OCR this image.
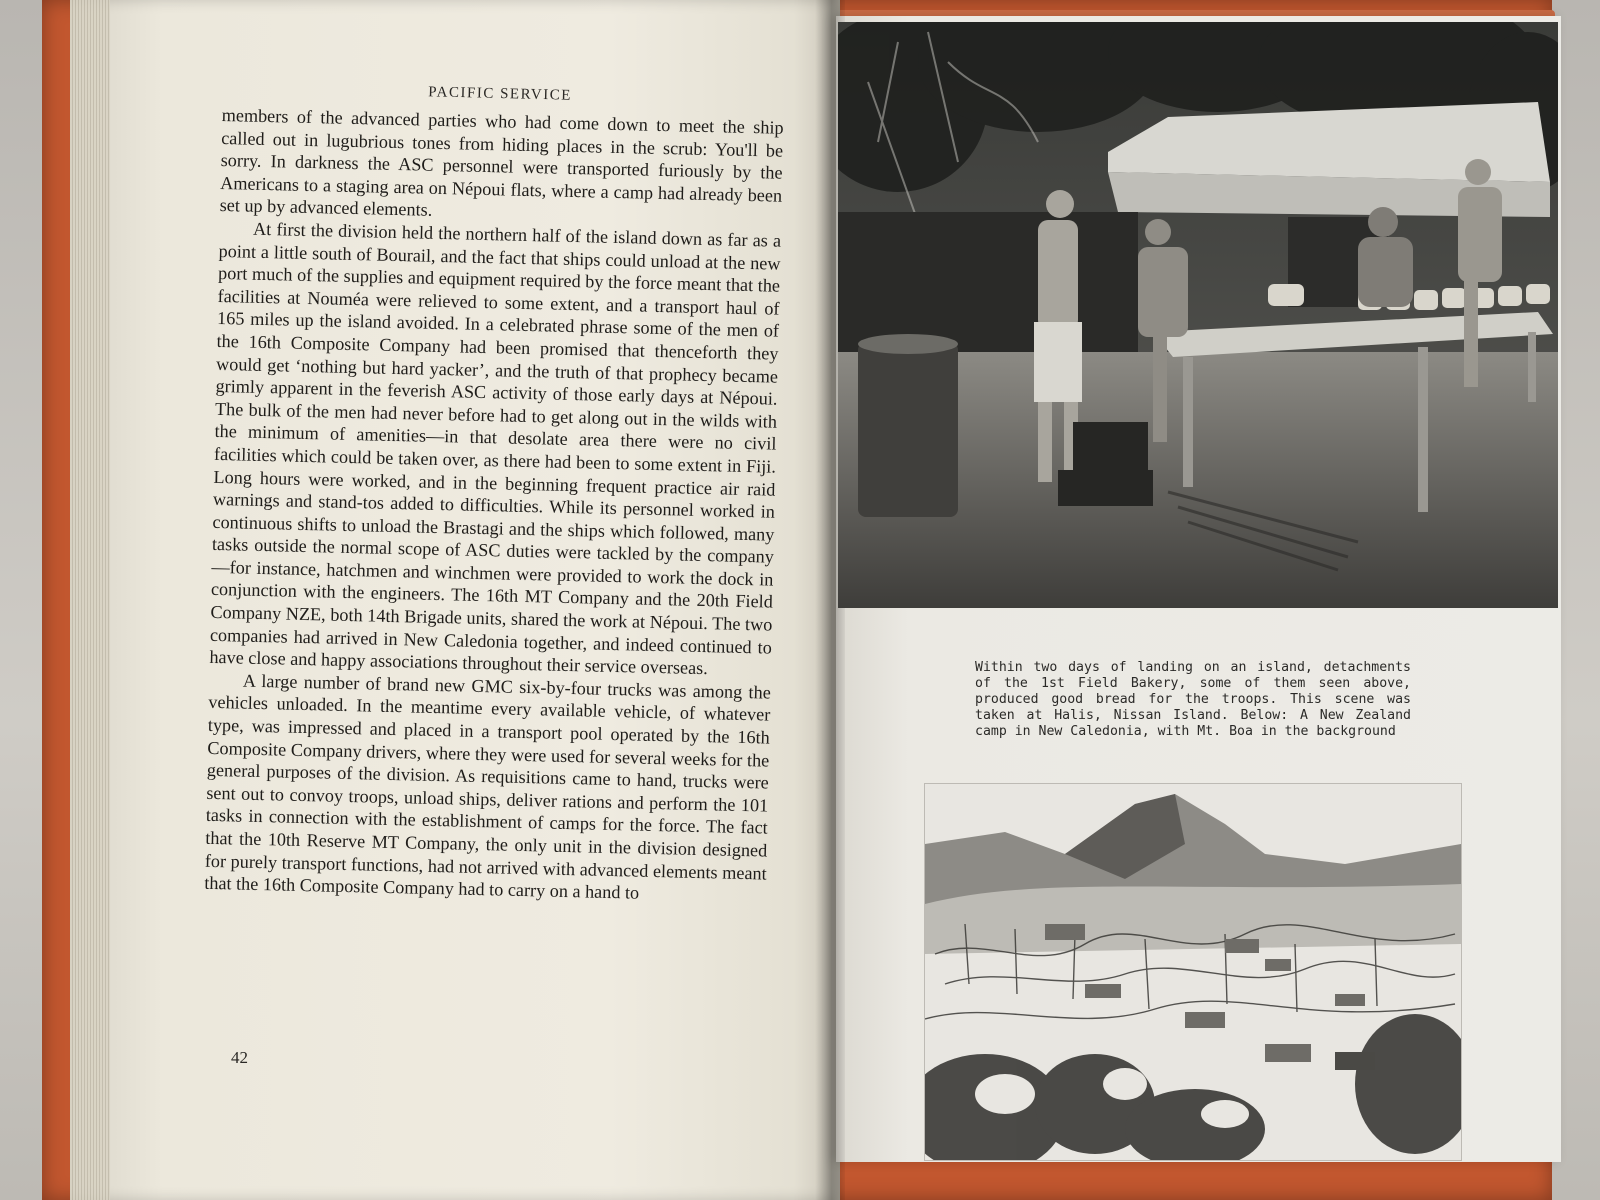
PACIFIC SERVICE

members of the advanced parties who had come down to meet the ship called out in lugubrious tones from hiding places in the scrub: You'll be sorry. In darkness the ASC personnel were transported furiously by the Americans to a staging area on Népoui flats, where a camp had already been set up by advanced elements.

At first the division held the northern half of the island down as far as a point a little south of Bourail, and the fact that ships could unload at the new port much of the supplies and equipment required by the force meant that the facilities at Nouméa were relieved to some extent, and a transport haul of 165 miles up the island avoided. In a celebrated phrase some of the men of the 16th Composite Company had been promised that thenceforth they would get ‘nothing but hard yacker’, and the truth of that prophecy became grimly apparent in the feverish ASC activity of those early days at Népoui. The bulk of the men had never before had to get along out in the wilds with the minimum of amenities—in that desolate area there were no civil facilities which could be taken over, as there had been to some extent in Fiji. Long hours were worked, and in the beginning frequent practice air raid warnings and stand-tos added to difficulties. While its personnel worked in continuous shifts to unload the Brastagi and the ships which followed, many tasks outside the normal scope of ASC duties were tackled by the company—for instance, hatchmen and winchmen were provided to work the dock in conjunction with the engineers. The 16th MT Company and the 20th Field Company NZE, both 14th Brigade units, shared the work at Népoui. The two companies had arrived in New Caledonia together, and indeed continued to have close and happy associations throughout their service overseas.

A large number of brand new GMC six-by-four trucks was among the vehicles unloaded. In the meantime every available vehicle, of whatever type, was impressed and placed in a transport pool operated by the 16th Composite Company drivers, where they were used for several weeks for the general purposes of the division. As requisitions came to hand, trucks were sent out to convoy troops, unload ships, deliver rations and perform the 101 tasks in connection with the establishment of camps for the force. The fact that the 10th Reserve MT Company, the only unit in the division designed for purely transport functions, had not arrived with advanced elements meant that the 16th Composite Company had to carry on a hand to

42
Within two days of landing on an island, detachments of the 1st Field Bakery, some of them seen above, produced good bread for the troops. This scene was taken at Halis, Nissan Island. Below: A New Zealand camp in New Caledonia, with Mt. Boa in the background
